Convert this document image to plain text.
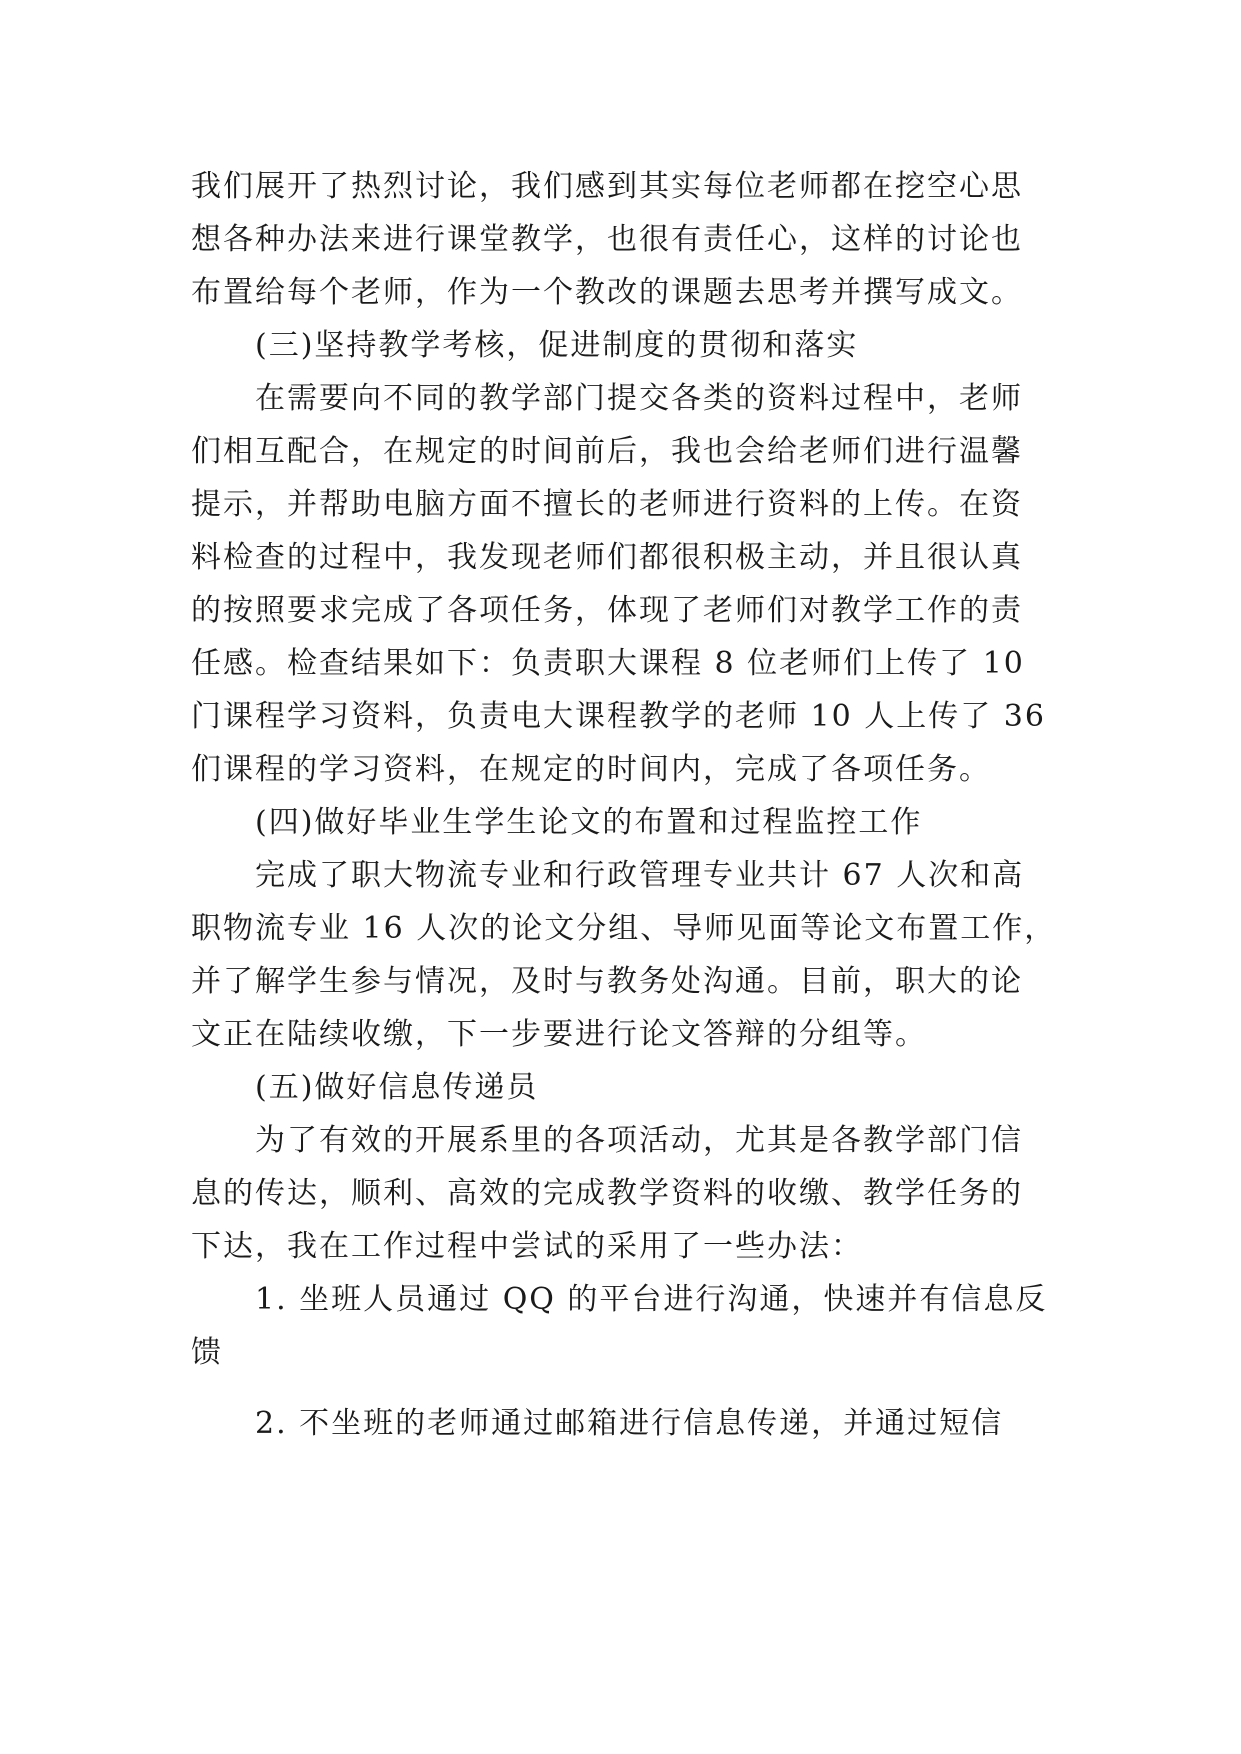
我们展开了热烈讨论，我们感到其实每位老师都在挖空心思
想各种办法来进行课堂教学，也很有责任心，这样的讨论也
布置给每个老师，作为一个教改的课题去思考并撰写成文。
(三)坚持教学考核，促进制度的贯彻和落实
在需要向不同的教学部门提交各类的资料过程中，老师
们相互配合，在规定的时间前后，我也会给老师们进行温馨
提示，并帮助电脑方面不擅长的老师进行资料的上传。在资
料检查的过程中，我发现老师们都很积极主动，并且很认真
的按照要求完成了各项任务，体现了老师们对教学工作的责
任感。检查结果如下：负责职大课程 8 位老师们上传了 10
门课程学习资料，负责电大课程教学的老师 10 人上传了 36
们课程的学习资料，在规定的时间内，完成了各项任务。
(四)做好毕业生学生论文的布置和过程监控工作
完成了职大物流专业和行政管理专业共计 67 人次和高
职物流专业 16 人次的论文分组、导师见面等论文布置工作，
并了解学生参与情况，及时与教务处沟通。目前，职大的论
文正在陆续收缴，下一步要进行论文答辩的分组等。
(五)做好信息传递员
为了有效的开展系里的各项活动，尤其是各教学部门信
息的传达，顺利、高效的完成教学资料的收缴、教学任务的
下达，我在工作过程中尝试的采用了一些办法：
1. 坐班人员通过 QQ 的平台进行沟通，快速并有信息反
馈
2. 不坐班的老师通过邮箱进行信息传递，并通过短信
